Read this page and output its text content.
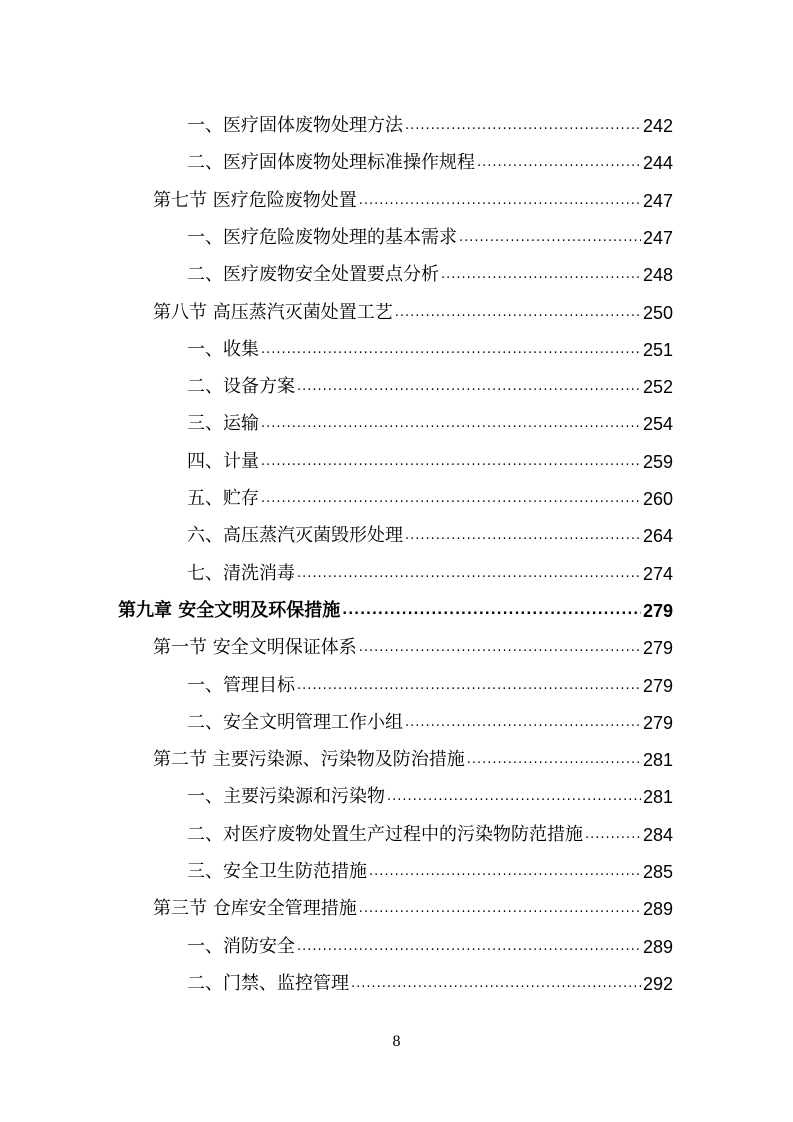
一、医疗固体废物处理方法 .....	242
二、医疗固体废物处理标准操作规程 .....	244
第七节 医疗危险废物处置 .....	247
一、医疗危险废物处理的基本需求 .....	247
二、医疗废物安全处置要点分析 .....	248
第八节 高压蒸汽灭菌处置工艺 .....	250
一、收集 .....	251
二、设备方案 .....	252
三、运输 .....	254
四、计量 .....	259
五、贮存 .....	260
六、高压蒸汽灭菌毁形处理 .....	264
七、清洗消毒 .....	274
第九章 安全文明及环保措施 .....	279
第一节 安全文明保证体系 .....	279
一、管理目标 .....	279
二、安全文明管理工作小组 .....	279
第二节 主要污染源、污染物及防治措施 .....	281
一、主要污染源和污染物 .....	281
二、对医疗废物处置生产过程中的污染物防范措施 .....	284
三、安全卫生防范措施 .....	285
第三节 仓库安全管理措施 .....	289
一、消防安全 .....	289
二、门禁、监控管理 .....	292
8
